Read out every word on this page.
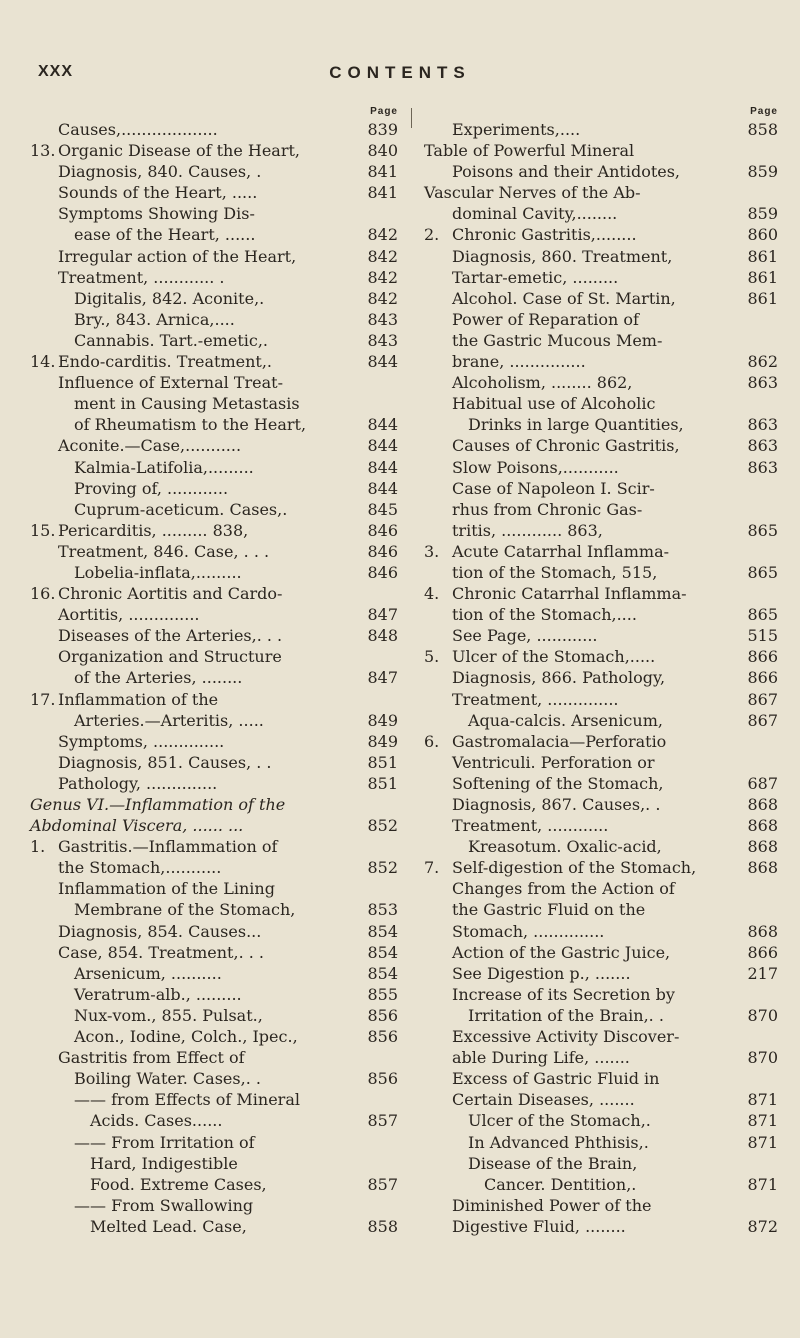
XXX	CONTENTS
Page
Causes,...................	839
13. Organic Disease of the Heart,	840
Diagnosis, 840. Causes, .	841
Sounds of the Heart, .....	841
Symptoms Showing Dis-
ease of the Heart, ......	842
Irregular action of the Heart,	842
Treatment, ............ .	842
Digitalis, 842. Aconite,.	842
Bry., 843. Arnica,....	843
Cannabis. Tart.-emetic,.	843
14. Endo-carditis. Treatment,.	844
Influence of External Treat-
ment in Causing Metastasis
of Rheumatism to the Heart,	844
Aconite.—Case,...........	844
Kalmia-Latifolia,.........	844
Proving of, ............	844
Cuprum-aceticum. Cases,.	845
15. Pericarditis, ......... 838,	846
Treatment, 846. Case, . . .	846
Lobelia-inflata,.........	846
16. Chronic Aortitis and Cardo-
Aortitis, ..............	847
Diseases of the Arteries,. . .	848
Organization and Structure
of the Arteries, ........	847
17. Inflammation of the
Arteries.—Arteritis, .....	849
Symptoms, ..............	849
Diagnosis, 851. Causes, . .	851
Pathology, ..............	851
Genus VI.—Inflammation of the
Abdominal Viscera, ...... ...	852
1. Gastritis.—Inflammation of
the Stomach,...........	852
Inflammation of the Lining
Membrane of the Stomach,	853
Diagnosis, 854. Causes...	854
Case, 854. Treatment,. . .	854
Arsenicum, ..........	854
Veratrum-alb., .........	855
Nux-vom., 855. Pulsat.,	856
Acon., Iodine, Colch., Ipec.,	856
Gastritis from Effect of
Boiling Water. Cases,. .	856
—— from Effects of Mineral
Acids. Cases......	857
—— From Irritation of
Hard, Indigestible
Food. Extreme Cases,	857
—— From Swallowing
Melted Lead. Case,	858
Page
Experiments,....	858
Table of Powerful Mineral
Poisons and their Antidotes,	859
Vascular Nerves of the Ab-
dominal Cavity,........	859
2. Chronic Gastritis,........	860
Diagnosis, 860. Treatment,	861
Tartar-emetic, .........	861
Alcohol. Case of St. Martin,	861
Power of Reparation of
the Gastric Mucous Mem-
brane, ...............	862
Alcoholism, ........ 862,	863
Habitual use of Alcoholic
Drinks in large Quantities,	863
Causes of Chronic Gastritis,	863
Slow Poisons,...........	863
Case of Napoleon I. Scir-
rhus from Chronic Gas-
tritis, ............ 863,	865
3. Acute Catarrhal Inflamma-
tion of the Stomach, 515,	865
4. Chronic Catarrhal Inflamma-
tion of the Stomach,....	865
See Page, ............	515
5. Ulcer of the Stomach,.....	866
Diagnosis, 866. Pathology,	866
Treatment, ..............	867
Aqua-calcis. Arsenicum,	867
6. Gastromalacia—Perforatio
Ventriculi. Perforation or
Softening of the Stomach,	687
Diagnosis, 867. Causes,. .	868
Treatment, ............	868
Kreasotum. Oxalic-acid,	868
7. Self-digestion of the Stomach,	868
Changes from the Action of
the Gastric Fluid on the
Stomach, ..............	868
Action of the Gastric Juice,	866
See Digestion p., .......	217
Increase of its Secretion by
Irritation of the Brain,. .	870
Excessive Activity Discover-
able During Life, .......	870
Excess of Gastric Fluid in
Certain Diseases, .......	871
Ulcer of the Stomach,.	871
In Advanced Phthisis,.	871
Disease of the Brain,
Cancer. Dentition,.	871
Diminished Power of the
Digestive Fluid, ........	872
